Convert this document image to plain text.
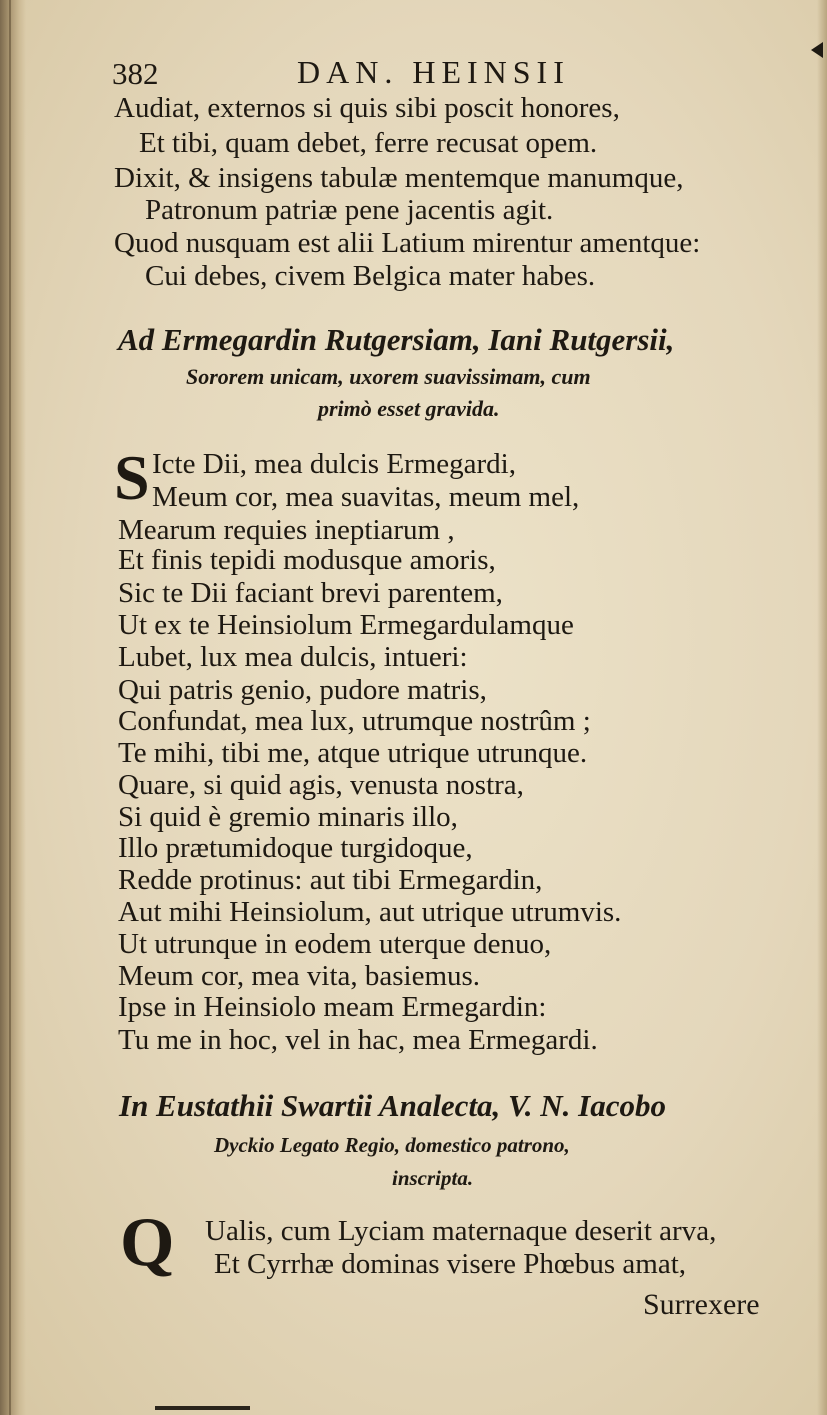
382	DAN. HEINSII
Audiat, externos si quis sibi poscit honores,
Et tibi, quam debet, ferre recusat opem.
Dixit, & insigens tabulæ mentemque manumque,
Patronum patriæ pene jacentis agit.
Quod nusquam est alii Latium mirentur amentque:
Cui debes, civem Belgica mater habes.
Ad Ermegardin Rutgersiam, Iani Rutgersii,
Sororem unicam, uxorem suavissimam, cum
primò esset gravida.
S Icte Dii, mea dulcis Ermegardi,
Meum cor, mea suavitas, meum mel,
Mearum requies ineptiarum ,
Et finis tepidi modusque amoris,
Sic te Dii faciant brevi parentem,
Ut ex te Heinsiolum Ermegardulamque
Lubet, lux mea dulcis, intueri:
Qui patris genio, pudore matris,
Confundat, mea lux, utrumque nostrûm ;
Te mihi, tibi me, atque utrique utrunque.
Quare, si quid agis, venusta nostra,
Si quid è gremio minaris illo,
Illo prætumidoque turgidoque,
Redde protinus: aut tibi Ermegardin,
Aut mihi Heinsiolum, aut utrique utrumvis.
Ut utrunque in eodem uterque denuo,
Meum cor, mea vita, basiemus.
Ipse in Heinsiolo meam Ermegardin:
Tu me in hoc, vel in hac, mea Ermegardi.
In Eustathii Swartii Analecta, V. N. Iacobo
Dyckio Legato Regio, domestico patrono,
inscripta.
Q Ualis, cum Lyciam maternaque deserit arva,
Et Cyrrhæ dominas visere Phœbus amat,
Surrexere
